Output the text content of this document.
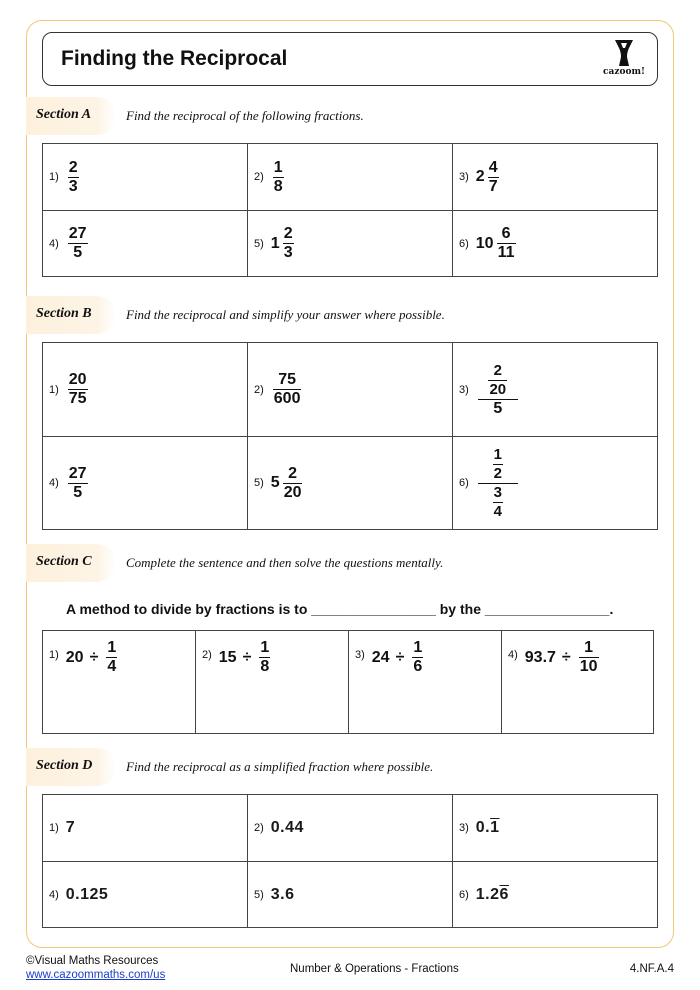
Finding the Reciprocal
cazoom!
Section A	Find the reciprocal of the following fractions.
$1) \frac{2}{3}$	$2) \frac{1}{8}$	3) $2 \frac{4}{7}$
$4) \frac{27}{5}$	5) $1 \frac{2}{3}$	6) $10 \frac{6}{11}$
Section B	Find the reciprocal and simplify your answer where possible.
$1) \frac{20}{75}$	$2) \frac{75}{600}$	$3) \frac{\frac{2}{20}}{5}$
$4) \frac{27}{5}$	5) $5 \frac{2}{20}$	$6) \frac{\frac{1}{2}}{\frac{3}{4}}$
Section C	Complete the sentence and then solve the questions mentally.
A method to divide by fractions is to ________________ by the ________________.
1) $20 \div \frac{1}{4}$	2) $15 \div \frac{1}{8}$	3) $24 \div \frac{1}{6}$	4) $93.7 \div \frac{1}{10}$
Section D	Find the reciprocal as a simplified fraction where possible.
1) 7	2) 0.44	3) 0. 1
4) 0.125	5) 3.6	6) 1.2 6
©Visual Maths Resources
www.cazoommaths.com/us	Number & Operations - Fractions	4.NF.A.4
